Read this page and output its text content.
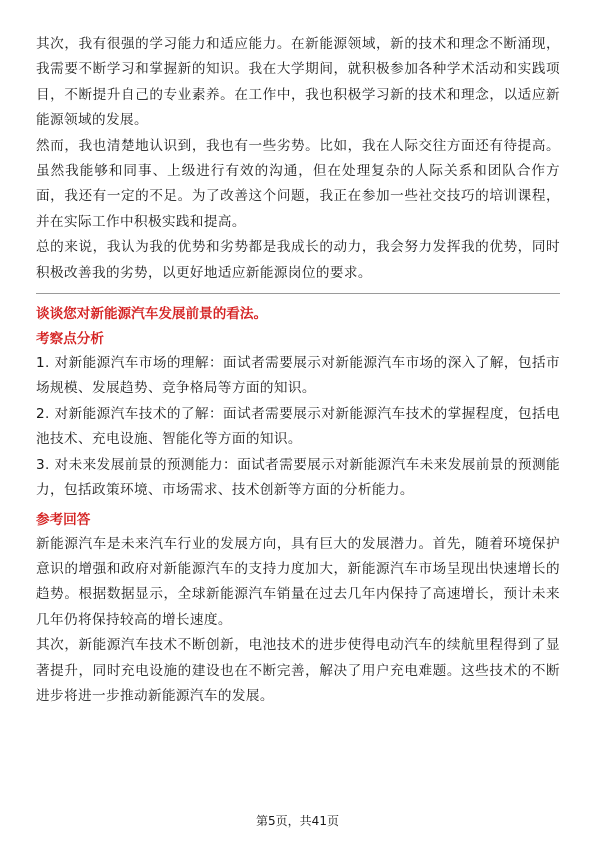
其次，我有很强的学习能力和适应能力。在新能源领域，新的技术和理念不断涌现，我需要不断学习和掌握新的知识。我在大学期间，就积极参加各种学术活动和实践项目，不断提升自己的专业素养。在工作中，我也积极学习新的技术和理念，以适应新能源领域的发展。

然而，我也清楚地认识到，我也有一些劣势。比如，我在人际交往方面还有待提高。虽然我能够和同事、上级进行有效的沟通，但在处理复杂的人际关系和团队合作方面，我还有一定的不足。为了改善这个问题，我正在参加一些社交技巧的培训课程，并在实际工作中积极实践和提高。

总的来说，我认为我的优势和劣势都是我成长的动力，我会努力发挥我的优势，同时积极改善我的劣势，以更好地适应新能源岗位的要求。

谈谈您对新能源汽车发展前景的看法。
考察点分析

1. 对新能源汽车市场的理解：面试者需要展示对新能源汽车市场的深入了解，包括市场规模、发展趋势、竞争格局等方面的知识。

2. 对新能源汽车技术的了解：面试者需要展示对新能源汽车技术的掌握程度，包括电池技术、充电设施、智能化等方面的知识。

3. 对未来发展前景的预测能力：面试者需要展示对新能源汽车未来发展前景的预测能力，包括政策环境、市场需求、技术创新等方面的分析能力。

参考回答

新能源汽车是未来汽车行业的发展方向，具有巨大的发展潜力。首先，随着环境保护意识的增强和政府对新能源汽车的支持力度加大，新能源汽车市场呈现出快速增长的趋势。根据数据显示，全球新能源汽车销量在过去几年内保持了高速增长，预计未来几年仍将保持较高的增长速度。

其次，新能源汽车技术不断创新，电池技术的进步使得电动汽车的续航里程得到了显著提升，同时充电设施的建设也在不断完善，解决了用户充电难题。这些技术的不断进步将进一步推动新能源汽车的发展。

第5页，共41页
